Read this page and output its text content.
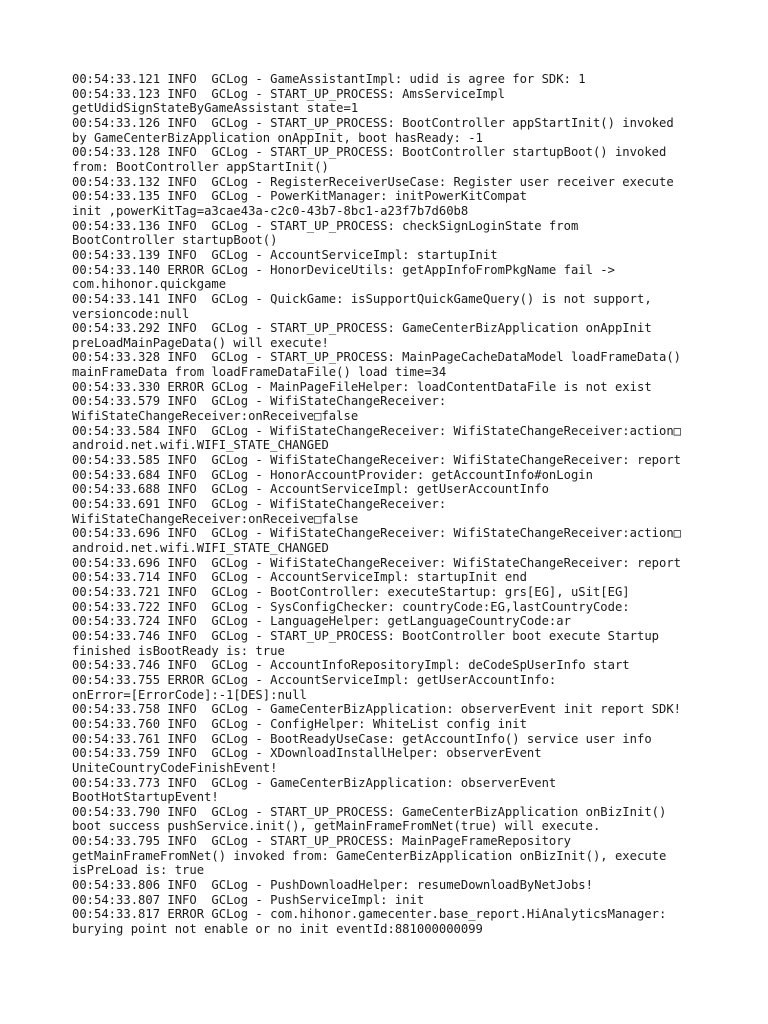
00:54:33.121 INFO  GCLog - GameAssistantImpl: udid is agree for SDK: 1
00:54:33.123 INFO  GCLog - START_UP_PROCESS: AmsServiceImpl
getUdidSignStateByGameAssistant state=1
00:54:33.126 INFO  GCLog - START_UP_PROCESS: BootController appStartInit() invoked
by GameCenterBizApplication onAppInit, boot hasReady: -1
00:54:33.128 INFO  GCLog - START_UP_PROCESS: BootController startupBoot() invoked
from: BootController appStartInit()
00:54:33.132 INFO  GCLog - RegisterReceiverUseCase: Register user receiver execute
00:54:33.135 INFO  GCLog - PowerKitManager: initPowerKitCompat
init ,powerKitTag=a3cae43a-c2c0-43b7-8bc1-a23f7b7d60b8
00:54:33.136 INFO  GCLog - START_UP_PROCESS: checkSignLoginState from
BootController startupBoot()
00:54:33.139 INFO  GCLog - AccountServiceImpl: startupInit
00:54:33.140 ERROR GCLog - HonorDeviceUtils: getAppInfoFromPkgName fail ->
com.hihonor.quickgame
00:54:33.141 INFO  GCLog - QuickGame: isSupportQuickGameQuery() is not support,
versioncode:null
00:54:33.292 INFO  GCLog - START_UP_PROCESS: GameCenterBizApplication onAppInit
preLoadMainPageData() will execute!
00:54:33.328 INFO  GCLog - START_UP_PROCESS: MainPageCacheDataModel loadFrameData()
mainFrameData from loadFrameDataFile() load time=34
00:54:33.330 ERROR GCLog - MainPageFileHelper: loadContentDataFile is not exist
00:54:33.579 INFO  GCLog - WifiStateChangeReceiver:
WifiStateChangeReceiver:onReceive□false
00:54:33.584 INFO  GCLog - WifiStateChangeReceiver: WifiStateChangeReceiver:action□
android.net.wifi.WIFI_STATE_CHANGED
00:54:33.585 INFO  GCLog - WifiStateChangeReceiver: WifiStateChangeReceiver: report
00:54:33.684 INFO  GCLog - HonorAccountProvider: getAccountInfo#onLogin
00:54:33.688 INFO  GCLog - AccountServiceImpl: getUserAccountInfo
00:54:33.691 INFO  GCLog - WifiStateChangeReceiver:
WifiStateChangeReceiver:onReceive□false
00:54:33.696 INFO  GCLog - WifiStateChangeReceiver: WifiStateChangeReceiver:action□
android.net.wifi.WIFI_STATE_CHANGED
00:54:33.696 INFO  GCLog - WifiStateChangeReceiver: WifiStateChangeReceiver: report
00:54:33.714 INFO  GCLog - AccountServiceImpl: startupInit end
00:54:33.721 INFO  GCLog - BootController: executeStartup: grs[EG], uSit[EG]
00:54:33.722 INFO  GCLog - SysConfigChecker: countryCode:EG,lastCountryCode:
00:54:33.724 INFO  GCLog - LanguageHelper: getLanguageCountryCode:ar
00:54:33.746 INFO  GCLog - START_UP_PROCESS: BootController boot execute Startup
finished isBootReady is: true
00:54:33.746 INFO  GCLog - AccountInfoRepositoryImpl: deCodeSpUserInfo start
00:54:33.755 ERROR GCLog - AccountServiceImpl: getUserAccountInfo:
onError=[ErrorCode]:-1[DES]:null
00:54:33.758 INFO  GCLog - GameCenterBizApplication: observerEvent init report SDK!
00:54:33.760 INFO  GCLog - ConfigHelper: WhiteList config init
00:54:33.761 INFO  GCLog - BootReadyUseCase: getAccountInfo() service user info
00:54:33.759 INFO  GCLog - XDownloadInstallHelper: observerEvent
UniteCountryCodeFinishEvent!
00:54:33.773 INFO  GCLog - GameCenterBizApplication: observerEvent
BootHotStartupEvent!
00:54:33.790 INFO  GCLog - START_UP_PROCESS: GameCenterBizApplication onBizInit()
boot success pushService.init(), getMainFrameFromNet(true) will execute.
00:54:33.795 INFO  GCLog - START_UP_PROCESS: MainPageFrameRepository
getMainFrameFromNet() invoked from: GameCenterBizApplication onBizInit(), execute
isPreLoad is: true
00:54:33.806 INFO  GCLog - PushDownloadHelper: resumeDownloadByNetJobs!
00:54:33.807 INFO  GCLog - PushServiceImpl: init
00:54:33.817 ERROR GCLog - com.hihonor.gamecenter.base_report.HiAnalyticsManager:
burying point not enable or no init eventId:881000000099
